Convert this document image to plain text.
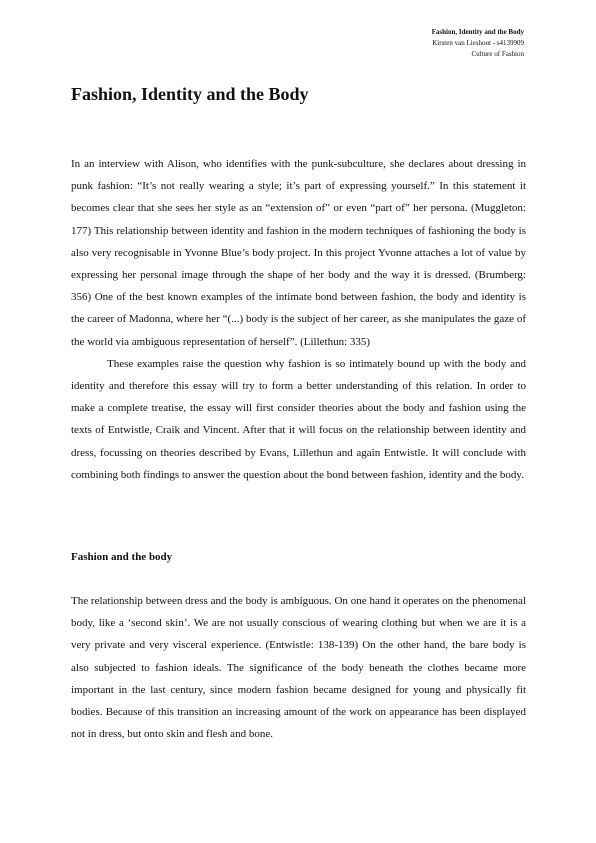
Fashion, Identity and the Body
Kirsten van Lieshout - s4139909
Culture of Fashion
Fashion, Identity and the Body

In an interview with Alison, who identifies with the punk-subculture, she declares about dressing in punk fashion: “It’s not really wearing a style; it’s part of expressing yourself.” In this statement it becomes clear that she sees her style as an “extension of” or even “part of” her persona. (Muggleton: 177) This relationship between identity and fashion in the modern techniques of fashioning the body is also very recognisable in Yvonne Blue’s body project. In this project Yvonne attaches a lot of value by expressing her personal image through the shape of her body and the way it is dressed. (Brumberg: 356) One of the best known examples of the intimate bond between fashion, the body and identity is the career of Madonna, where her “(...) body is the subject of her career, as she manipulates the gaze of the world via ambiguous representation of herself”. (Lillethun: 335)

These examples raise the question why fashion is so intimately bound up with the body and identity and therefore this essay will try to form a better understanding of this relation. In order to make a complete treatise, the essay will first consider theories about the body and fashion using the texts of Entwistle, Craik and Vincent. After that it will focus on the relationship between identity and dress, focussing on theories described by Evans, Lillethun and again Entwistle. It will conclude with combining both findings to answer the question about the bond between fashion, identity and the body.

Fashion and the body

The relationship between dress and the body is ambiguous. On one hand it operates on the phenomenal body, like a ‘second skin’. We are not usually conscious of wearing clothing but when we are it is a very private and very visceral experience. (Entwistle: 138-139) On the other hand, the bare body is also subjected to fashion ideals. The significance of the body beneath the clothes became more important in the last century, since modern fashion became designed for young and physically fit bodies. Because of this transition an increasing amount of the work on appearance has been displayed not in dress, but onto skin and flesh and bone.
